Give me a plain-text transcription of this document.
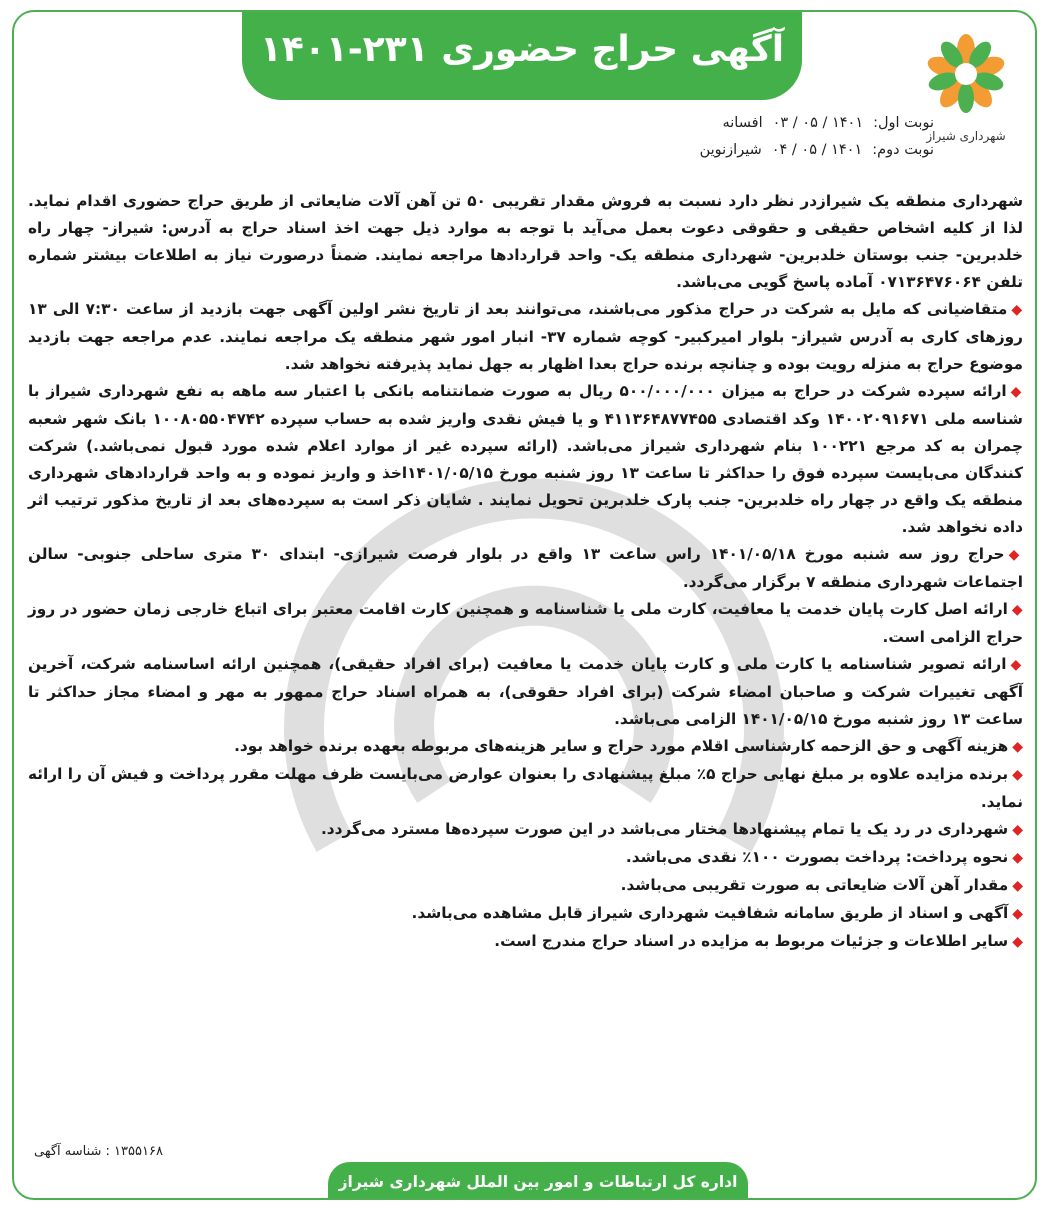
آگهی حراج حضوری ۲۳۱-۱۴۰۱
شهرداری شیراز
نوبت اول:۱۴۰۱ / ۰۵ / ۰۳افسانه
نوبت دوم:۱۴۰۱ / ۰۵ / ۰۴شیرازنوین

شهرداری منطقه یک شیرازدر نظر دارد نسبت به فروش مقدار تقریبی ۵۰ تن آهن آلات ضایعاتی از طریق حراج حضوری اقدام نماید. لذا از کلیه اشخاص حقیقی و حقوقی دعوت بعمل می‌آید با توجه به موارد ذیل جهت اخذ اسناد حراج به آدرس: شیراز- چهار راه خلدبرین- جنب بوستان خلدبرین- شهرداری منطقه یک- واحد قراردادها مراجعه نمایند. ضمناً درصورت نیاز به اطلاعات بیشتر شماره تلفن ۰۷۱۳۶۴۷۶۰۶۴ آماده پاسخ گویی می‌باشد.

◆متقاضیانی که مایل به شرکت در حراج مذکور می‌باشند، می‌توانند بعد از تاریخ نشر اولین آگهی جهت بازدید از ساعت ۷:۳۰ الی ۱۳ روزهای کاری به آدرس شیراز- بلوار امیرکبیر- کوچه شماره ۳۷- انبار امور شهر منطقه یک مراجعه نمایند. عدم مراجعه جهت بازدید موضوع حراج به منزله رویت بوده و چنانچه برنده حراج بعدا اظهار به جهل نماید پذیرفته نخواهد شد.

◆ارائه سپرده شرکت در حراج به میزان ۵۰۰/۰۰۰/۰۰۰ ریال به صورت ضمانتنامه بانکی با اعتبار سه ماهه به نفع شهرداری شیراز با شناسه ملی ۱۴۰۰۲۰۹۱۶۷۱ وکد اقتصادی ۴۱۱۳۶۴۸۷۷۴۵۵ و یا فیش نقدی واریز شده به حساب سپرده ۱۰۰۸۰۵۵۰۴۷۴۲ بانک شهر شعبه چمران به کد مرجع ۱۰۰۲۲۱ بنام شهرداری شیراز می‌باشد. (ارائه سپرده غیر از موارد اعلام شده مورد قبول نمی‌باشد.) شرکت کنندگان می‌بایست سپرده فوق را حداکثر تا ساعت ۱۳ روز شنبه مورخ ۱۴۰۱/۰۵/۱۵اخذ و واریز نموده و به واحد قراردادهای شهرداری منطقه یک واقع در چهار راه خلدبرین- جنب پارک خلدبرین تحویل نمایند . شایان ذکر است به سپرده‌های بعد از تاریخ مذکور ترتیب اثر داده نخواهد شد.

◆حراج روز سه شنبه مورخ ۱۴۰۱/۰۵/۱۸ راس ساعت ۱۳ واقع در بلوار فرصت شیرازی- ابتدای ۳۰ متری ساحلی جنوبی- سالن اجتماعات شهرداری منطقه ۷ برگزار می‌گردد.

◆ارائه اصل کارت پایان خدمت یا معافیت، کارت ملی یا شناسنامه و همچنین کارت اقامت معتبر برای اتباع خارجی زمان حضور در روز حراج الزامی است.

◆ارائه تصویر شناسنامه یا کارت ملی و کارت پایان خدمت یا معافیت (برای افراد حقیقی)، همچنین ارائه اساسنامه شرکت، آخرین آگهی تغییرات شرکت و صاحبان امضاء شرکت (برای افراد حقوقی)، به همراه اسناد حراج ممهور به مهر و امضاء مجاز حداکثر تا ساعت ۱۳ روز شنبه مورخ ۱۴۰۱/۰۵/۱۵ الزامی می‌باشد.

◆هزینه آگهی و حق الزحمه کارشناسی اقلام مورد حراج و سایر هزینه‌های مربوطه بعهده برنده خواهد بود.

◆برنده مزایده علاوه بر مبلغ نهایی حراج ۵٪ مبلغ پیشنهادی را بعنوان عوارض می‌بایست ظرف مهلت مقرر پرداخت و فیش آن را ارائه نماید.

◆شهرداری در رد یک یا تمام پیشنهادها مختار می‌باشد در این صورت سپرده‌ها مسترد می‌گردد.

◆نحوه پرداخت: پرداخت بصورت ۱۰۰٪ نقدی می‌باشد.

◆مقدار آهن آلات ضایعاتی به صورت تقریبی می‌باشد.

◆آگهی و اسناد از طریق سامانه شفافیت شهرداری شیراز قابل مشاهده می‌باشد.

◆سایر اطلاعات و جزئیات مربوط به مزایده در اسناد حراج مندرج است.

۱۳۵۵۱۶۸ : شناسه آگهی
اداره کل ارتباطات و امور بین الملل شهرداری شیراز
